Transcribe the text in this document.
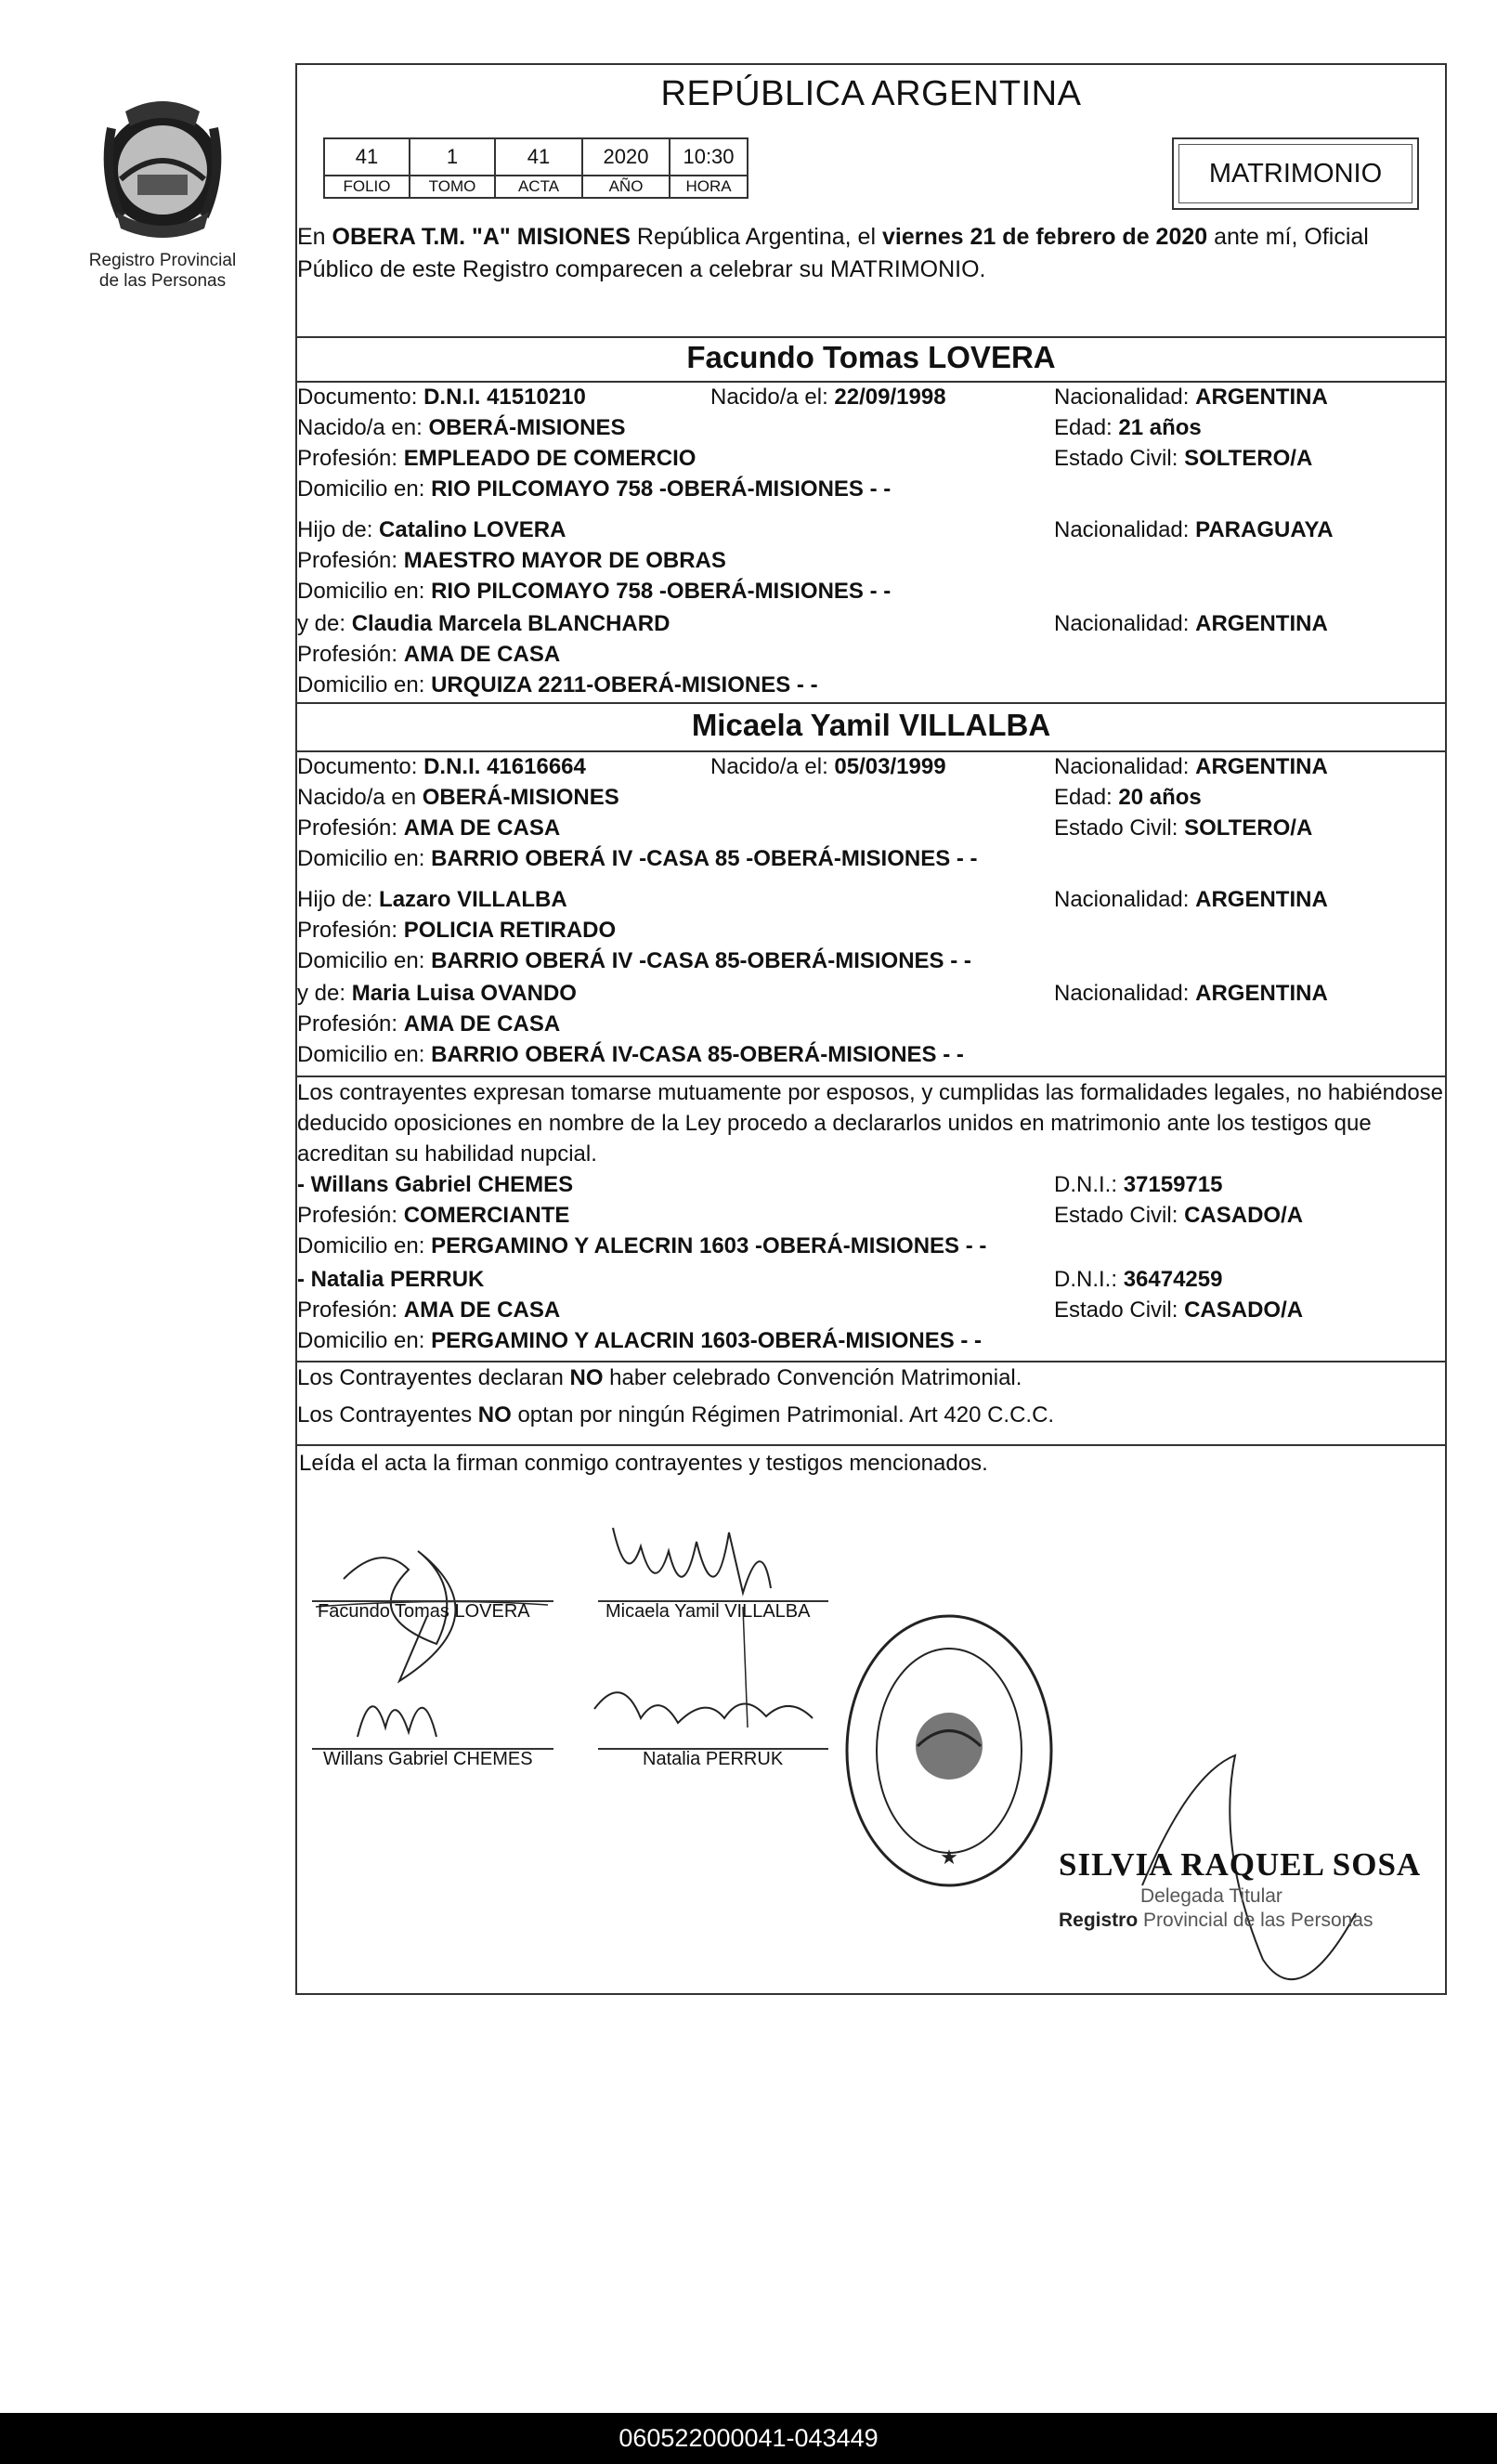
Registro Provincial
de las Personas
REPÚBLICA ARGENTINA
41	1	41	2020	10:30
FOLIO	TOMO	ACTA	AÑO	HORA	MATRIMONIO
En OBERA T.M. "A" MISIONES República Argentina, el viernes 21 de febrero de 2020 ante mí, Oficial Público de este Registro comparecen a celebrar su MATRIMONIO.
Facundo Tomas LOVERA
Documento: D.N.I. 41510210	Nacido/a el: 22/09/1998	Nacionalidad: ARGENTINA
Nacido/a en: OBERÁ-MISIONES	Edad: 21 años
Profesión: EMPLEADO DE COMERCIO	Estado Civil: SOLTERO/A
Domicilio en: RIO PILCOMAYO 758 -OBERÁ-MISIONES - -
Hijo de: Catalino LOVERA	Nacionalidad: PARAGUAYA
Profesión: MAESTRO MAYOR DE OBRAS
Domicilio en: RIO PILCOMAYO 758 -OBERÁ-MISIONES - -
y de: Claudia Marcela BLANCHARD	Nacionalidad: ARGENTINA
Profesión: AMA DE CASA
Domicilio en: URQUIZA 2211-OBERÁ-MISIONES - -
Micaela Yamil VILLALBA
Documento: D.N.I. 41616664	Nacido/a el: 05/03/1999	Nacionalidad: ARGENTINA
Nacido/a en OBERÁ-MISIONES	Edad: 20 años
Profesión: AMA DE CASA	Estado Civil: SOLTERO/A
Domicilio en: BARRIO OBERÁ IV -CASA 85 -OBERÁ-MISIONES - -
Hijo de: Lazaro VILLALBA	Nacionalidad: ARGENTINA
Profesión: POLICIA RETIRADO
Domicilio en: BARRIO OBERÁ IV -CASA 85-OBERÁ-MISIONES - -
y de: Maria Luisa OVANDO	Nacionalidad: ARGENTINA
Profesión: AMA DE CASA
Domicilio en: BARRIO OBERÁ IV-CASA 85-OBERÁ-MISIONES - -
Los contrayentes expresan tomarse mutuamente por esposos, y cumplidas las formalidades legales, no habiéndose deducido oposiciones en nombre de la Ley procedo a declararlos unidos en matrimonio ante los testigos que acreditan su habilidad nupcial.
- Willans Gabriel CHEMES	D.N.I.: 37159715
Profesión: COMERCIANTE	Estado Civil: CASADO/A
Domicilio en: PERGAMINO Y ALECRIN 1603 -OBERÁ-MISIONES - -
- Natalia PERRUK	D.N.I.: 36474259
Profesión: AMA DE CASA	Estado Civil: CASADO/A
Domicilio en: PERGAMINO Y ALACRIN 1603-OBERÁ-MISIONES - -
Los Contrayentes declaran NO haber celebrado Convención Matrimonial.
Los Contrayentes NO optan por ningún Régimen Patrimonial. Art 420 C.C.C.
Leída el acta la firman conmigo contrayentes y testigos mencionados.
Facundo Tomas LOVERA	Micaela Yamil VILLALBA
Willans Gabriel CHEMES	Natalia PERRUK
★	SILVIA RAQUEL SOSA
Delegada Titular
Registro Provincial de las Personas
060522000041-043449
